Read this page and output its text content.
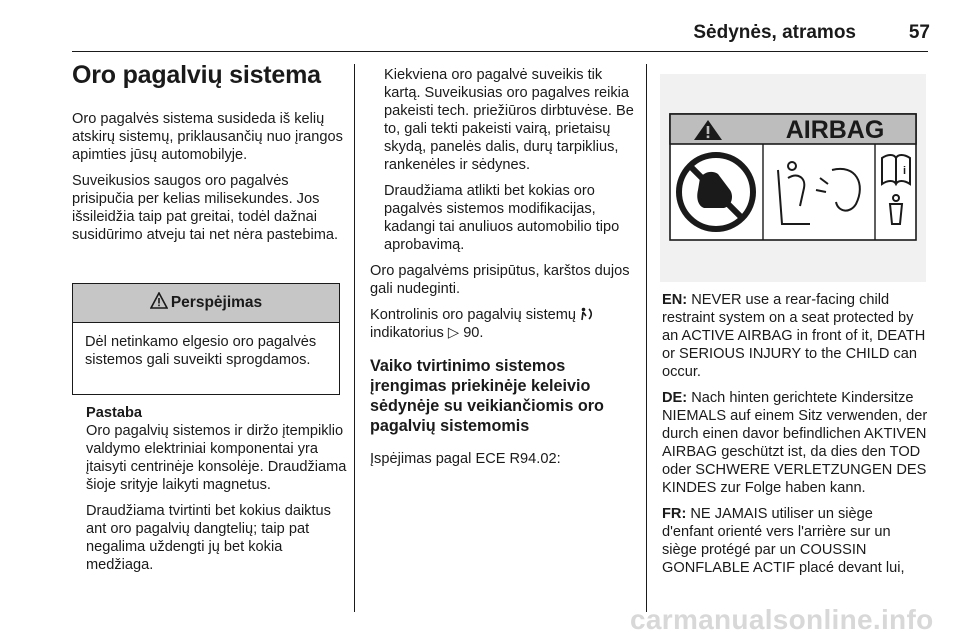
Sėdynės, atramos	57
Oro pagalvių sistema

Oro pagalvės sistema susideda iš kelių atskirų sistemų, priklausančių nuo įrangos apimties jūsų automobilyje.

Suveikusios saugos oro pagalvės prisipučia per kelias milisekundes. Jos išsileidžia taip pat greitai, todėl dažnai susidūrimo atveju tai net nėra pastebima.

Perspėjimas
Dėl netinkamo elgesio oro pagalvės sistemos gali suveikti sprogdamos.
Pastaba

Oro pagalvių sistemos ir diržo įtempiklio valdymo elektriniai komponentai yra įtaisyti centrinėje konsolėje. Draudžiama šioje srityje laikyti magnetus.

Draudžiama tvirtinti bet kokius daiktus ant oro pagalvių dangtelių; taip pat negalima uždengti jų bet kokia medžiaga.

Kiekviena oro pagalvė suveikis tik kartą. Suveikusias oro pagalves reikia pakeisti tech. priežiūros dirbtuvėse. Be to, gali tekti pakeisti vairą, prietaisų skydą, panelės dalis, durų tarpiklius, rankenėles ir sėdynes.

Draudžiama atlikti bet kokias oro pagalvės sistemos modifikacijas, kadangi tai anuliuos automobilio tipo aprobavimą.

Oro pagalvėms prisipūtus, karštos dujos gali nudeginti.

Kontrolinis oro pagalvių sistemų
indikatorius ▷ 90.

Vaiko tvirtinimo sistemos įrengimas priekinėje keleivio sėdynėje su veikiančiomis oro pagalvių sistemomis

Įspėjimas pagal ECE R94.02:

AIRBAG
i

EN: NEVER use a rear-facing child restraint system on a seat protected by an ACTIVE AIRBAG in front of it, DEATH or SERIOUS INJURY to the CHILD can occur.

DE: Nach hinten gerichtete Kindersitze NIEMALS auf einem Sitz verwenden, der durch einen davor befindlichen AKTIVEN AIRBAG geschützt ist, da dies den TOD oder SCHWERE VERLETZUNGEN DES KINDES zur Folge haben kann.

FR: NE JAMAIS utiliser un siège d'enfant orienté vers l'arrière sur un siège protégé par un COUSSIN GONFLABLE ACTIF placé devant lui,

carmanualsonline.info
